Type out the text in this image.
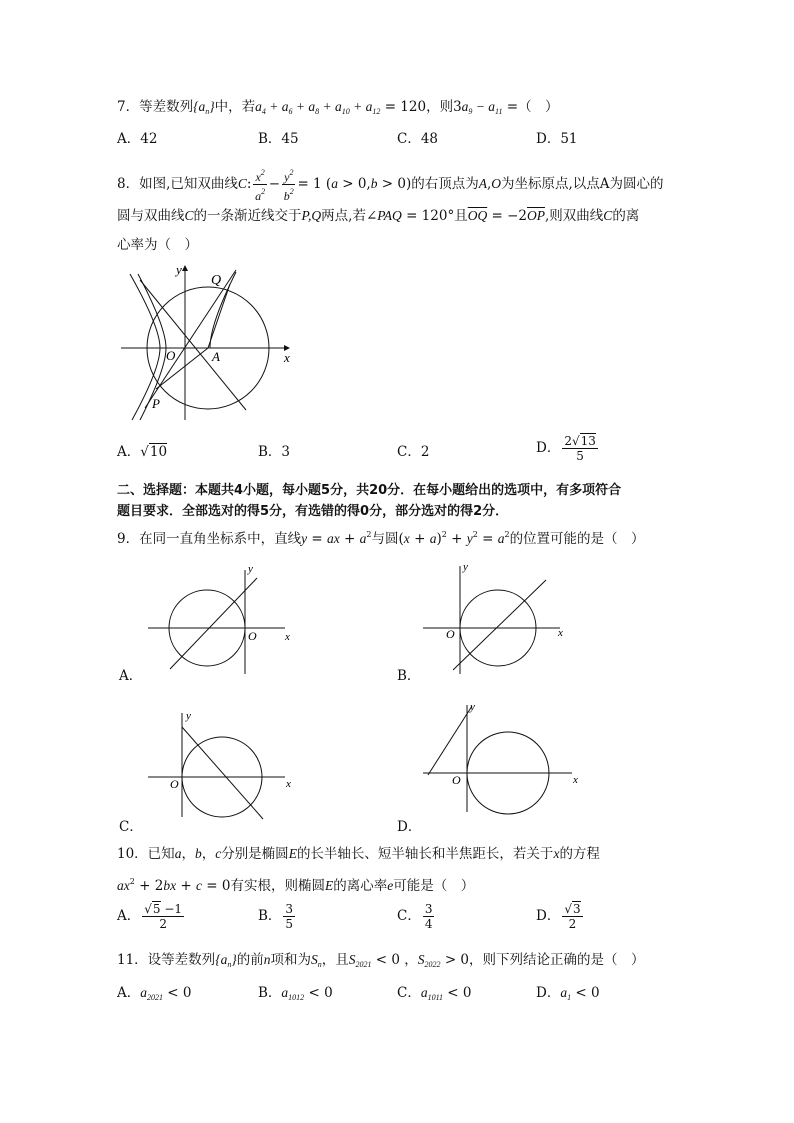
7．等差数列$\{a_n\}$中，若$a_4 + a_6 + a_8 + a_{10} + a_{12} = 120$，则$3a_9 - a_{11}$ =（　）
A．42	B．45	C．48	D．51
8．如图,已知双曲线C: $\frac{x^2}{a^2} - \frac{y^2}{b^2} = 1$ (a > 0,b > 0)的右顶点为A,O为坐标原点,以点A为圆心的
圆与双曲线C的一条渐近线交于P,Q两点,若∠PAQ = 120°且$\overline{OQ} = -2\overline{OP}$,则双曲线C的离
心率为（　）
y
x
Q
O	A
P
A．√10	B．3	C．2	D． $\frac{2√13}{5}$
二、选择题：本题共4小题，每小题5分，共20分．在每小题给出的选项中，有多项符合
题目要求．全部选对的得5分，有选错的得0分，部分选对的得2分．
9．在同一直角坐标系中，直线y = ax + $a^2$与圆$(x + a)^2 + y^2 = a^2$的位置可能的是（　）
y
x
O
A．
y
x
O
B．
y
x
O
C．
y
x
O
D．
10．已知a，b，c分别是椭圆E的长半轴长、短半轴长和半焦距长，若关于x的方程
$ax^2 + 2bx + c = 0$有实根，则椭圆E的离心率e可能是（　）
A． $\frac{√5 -1}{2}$	B． $\frac{3}{5}$	C． $\frac{3}{4}$	D． $\frac{√3}{2}$
11．设等差数列$\{a_n\}$的前n项和为$S_n$，且$S_{2021} < 0$ ，$S_{2022} > 0$，则下列结论正确的是（　）
A．$a_{2021} < 0$	B．$a_{1012} < 0$	C．$a_{1011} < 0$	D．$a_1 < 0$
